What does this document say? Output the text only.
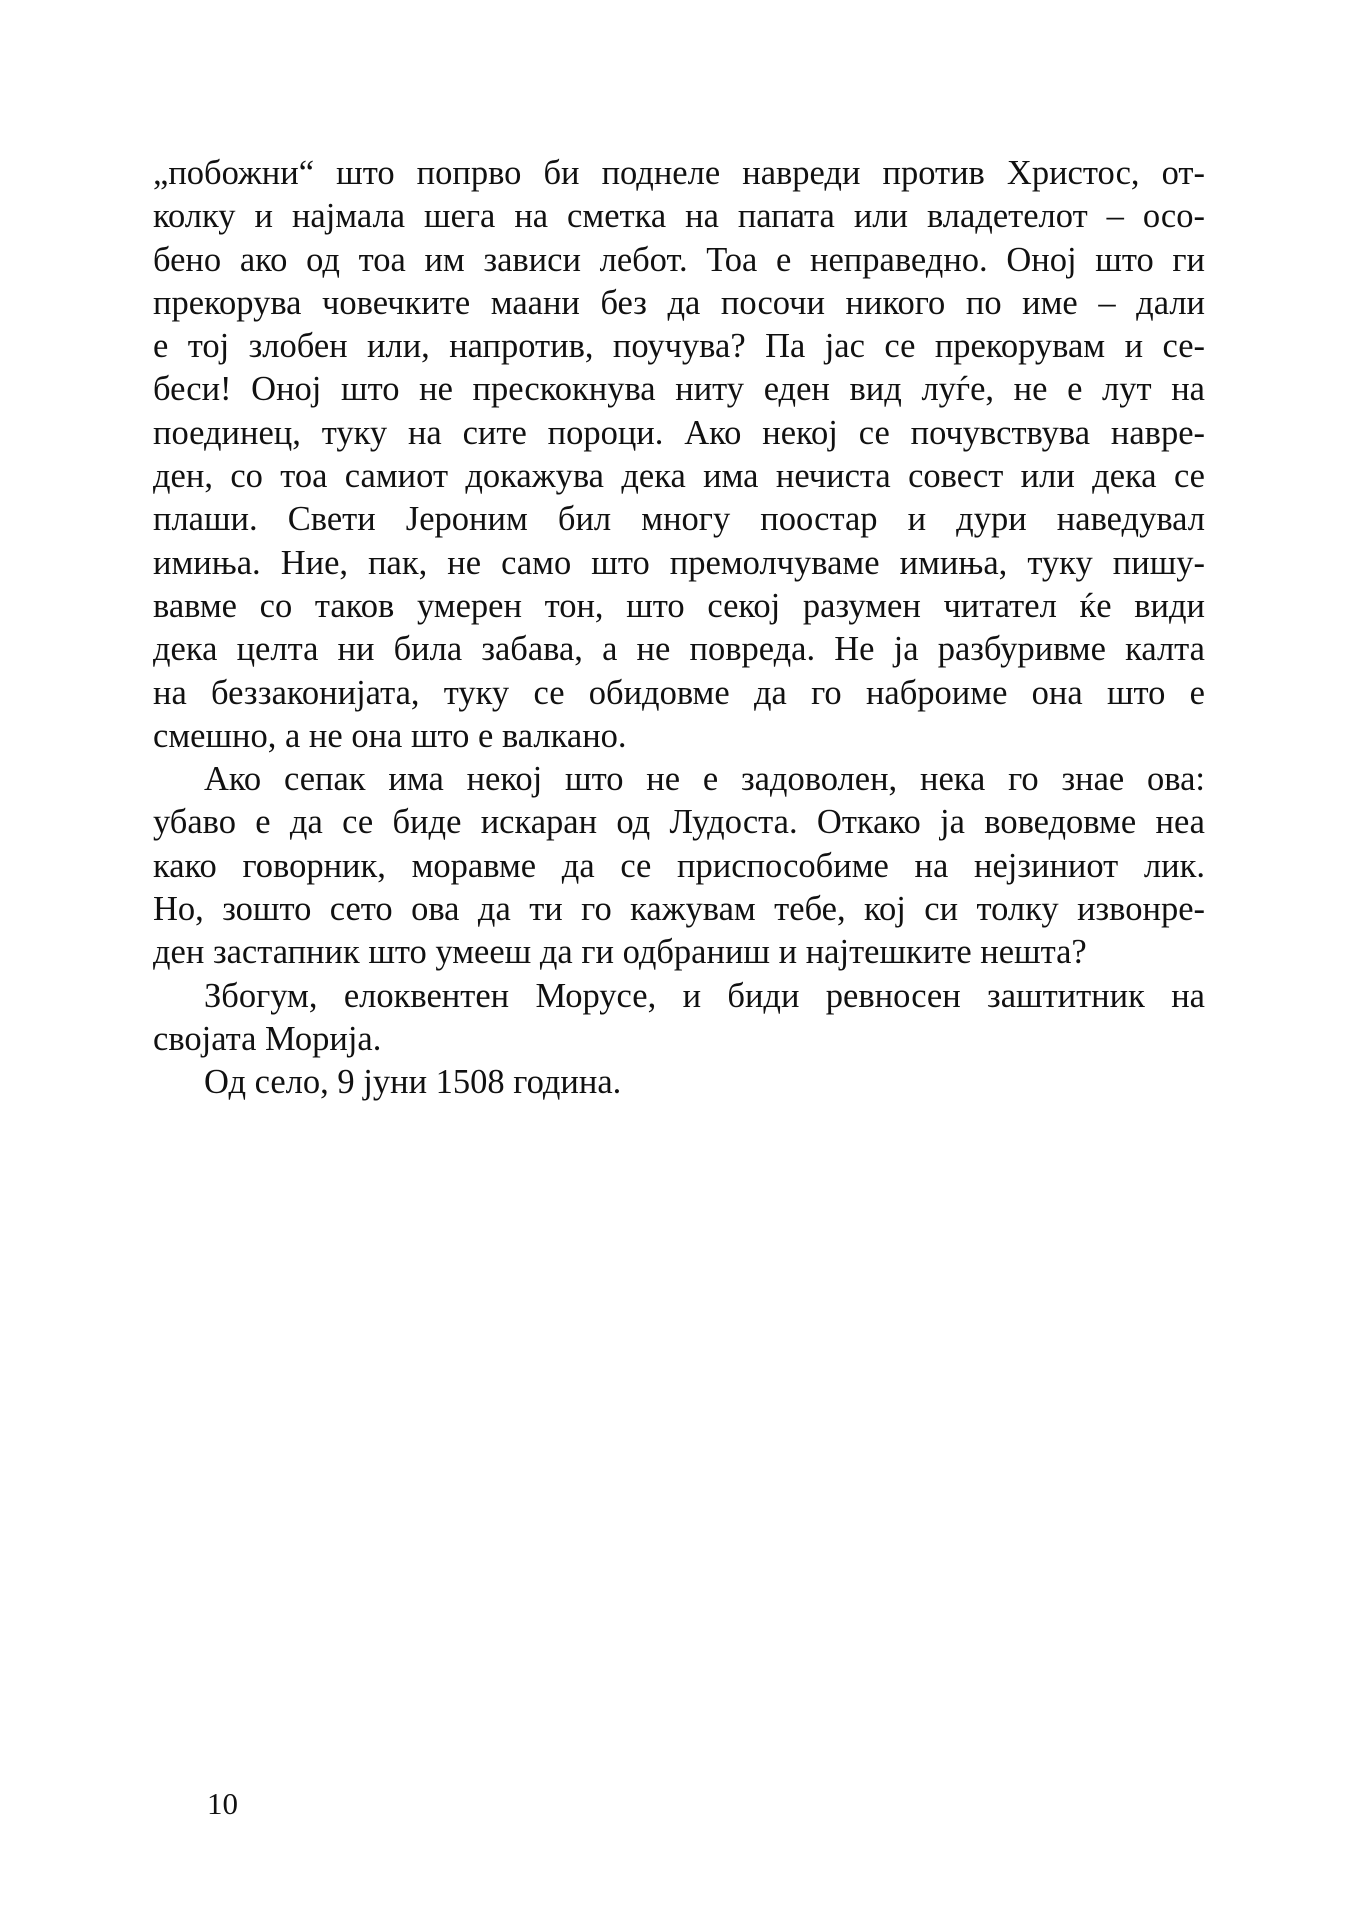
„побожни“ што попрво би поднеле навреди против Христос, от-
колку и најмала шега на сметка на папата или владетелот – осо-
бено ако од тоа им зависи лебот. Тоа е неправедно. Оној што ги
прекорува човечките маани без да посочи никого по име – дали
е тој злобен или, напротив, поучува? Па јас се прекорувам и се-
беси! Оној што не прескокнува ниту еден вид луѓе, не е лут на
поединец, туку на сите пороци. Ако некој се почувствува навре-
ден, со тоа самиот докажува дека има нечиста совест или дека се
плаши. Свети Јероним бил многу поостар и дури наведувал
имиња. Ние, пак, не само што премолчуваме имиња, туку пишу-
вавме со таков умерен тон, што секој разумен читател ќе види
дека целта ни била забава, а не повреда. Не ја разбуривме калта
на беззаконијата, туку се обидовме да го наброиме она што е
смешно, а не она што е валкано.
Ако сепак има некој што не е задоволен, нека го знае ова:
убаво е да се биде искаран од Лудоста. Откако ја воведовме неа
како говорник, моравме да се приспособиме на нејзиниот лик.
Но, зошто сето ова да ти го кажувам тебе, кој си толку извонре-
ден застапник што умееш да ги одбраниш и најтешките нешта?
Збогум, елоквентен Морусе, и биди ревносен заштитник на
својата Морија.
Од село, 9 јуни 1508 година.
10
